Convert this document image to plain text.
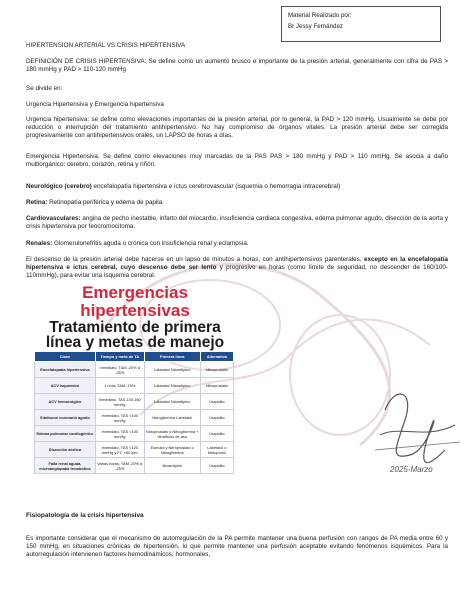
Material Realizado por:
Br Jessy Fernández

HIPERTENSION ARTERIAL VS CRISIS HIPERTENSIVA

DEFINICIÓN DE CRISIS HIPERTENSIVA: Se define como un aumento brusco e importante de la presión arterial, generalmente con cifra de PAS > 180 mmHg y PAD > 110-120 mmHg

Se divide en:

Urgencia Hipertensiva y Emergencia hipertensiva

Urgencia hipertensiva: se define como elevaciones importantes de la presión arterial, por lo general, la PAD > 120 mmHg. Usualmente se debe por reducción o interrupción del tratamiento antihipertensivo. No hay compromiso de órganos vitales. La presión arterial debe ser corregida progresivamente con antihipertensivos orales, un LAPSO de horas a días.

Emergencia Hipertensiva: Se define como elevaciones muy marcadas de la PAS PAS > 180 mmHg y PAD > 110 mmHg. Se asocia a daño multiorgánico: cerebro, corazón, retina y riñón.

Neurológico (cerebro) encefalopatía hipertensiva e ictus cerebrovascular (isquemia o hemorragia intracerebral)

Retina: Retinopatía periférica y edema de papila.

Cardiovasculares: angina de pecho inestable, infarto del miocardio, insuficiencia cardiaca congestiva, edema pulmonar agudo, disección de la aorta y crisis hipertensiva por feocromocitoma.

Renales: Glomerulonefritis aguda o crónica con insuficiencia renal y eclampsia.

El descenso de la presión arterial debe hacerse en un lapso de minutos a horas, con antihipertensivos parenterales, excepto en la encefalopatía hipertensiva e ictus cerebral, cuyo descenso debe ser lento y progresivo en horas (como límite de seguridad, no descender de 160/100-110mmHg), para evitar una isquemia cerebral.

Emergencias hipertensivas
Tratamiento de primera línea y metas de manejo
Clase	Tiempo y meta de TA	Primera línea	Alternativa
Encefalopatía hipertensiva	Inmediato, TAM -20% a -25%	Labetalol Nicardipino	Nitroprusiato
ACV isquémico	1 hora, TAM -15%	Labetalol Nicardipino	Nitroprusiato
ACV hemorrágico	Inmediato, TAS 130-180 mmHg	Labetalol Nicardipino	Urapidilo
Síndrome coronario agudo	Inmediato, TAS <140 mmHg	Nitroglicerina Labetalol	Urapidilo
Edema pulmonar cardiogénico	Inmediato, TAS <140 mmHg	Nitroprusiato o Nitroglicerina + diuréticos de asa	Urapidilo
Disección aórtica	Inmediato, TAS <120 mmHg y FC <60 lpm	Esmolol y Nitroprusiato o Nitroglicerina	Labetalol o Metoprolol
Falla renal aguda, microangiopatía trombótica	Varias horas, TAM -20% a -25%	Nicardipino	Urapidilo	2025-Marzo
Fisiopatología de la crisis hipertensiva

Es importante considerar que el mecanismo de autorregulación de la PA permite mantener una buena perfusión con rangos de PA media entre 60 y 150 mmHg, en situaciones crónicas de hipertensión, lo que permite mantener una perfusión aceptable evitando fenómenos isquémicos. Para la autorregulación intervienen factores hemodinámicos, hormonales,
